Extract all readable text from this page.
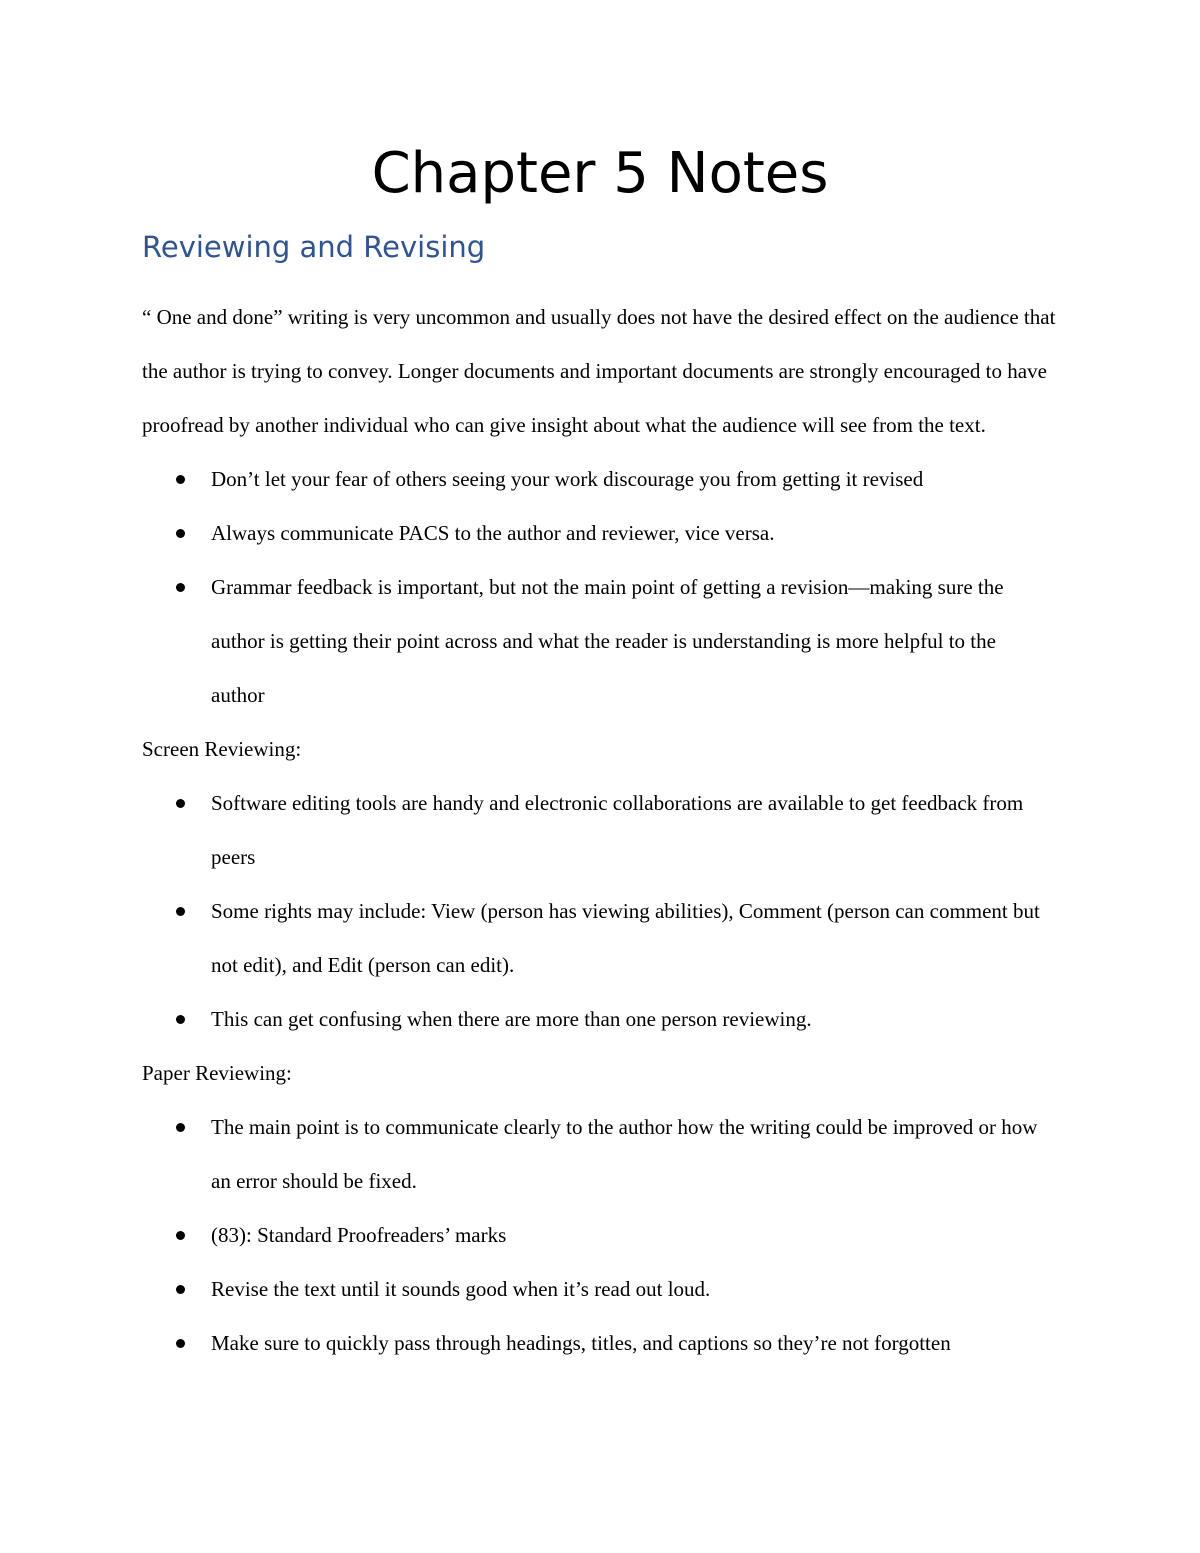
Chapter 5 Notes
Reviewing and Revising

“ One and done” writing is very uncommon and usually does not have the desired effect on the audience that the author is trying to convey. Longer documents and important documents are strongly encouraged to have proofread by another individual who can give insight about what the audience will see from the text.

Don’t let your fear of others seeing your work discourage you from getting it revised
Always communicate PACS to the author and reviewer, vice versa.
Grammar feedback is important, but not the main point of getting a revision—making sure the author is getting their point across and what the reader is understanding is more helpful to the author

Screen Reviewing:

Software editing tools are handy and electronic collaborations are available to get feedback from peers
Some rights may include: View (person has viewing abilities), Comment (person can comment but not edit), and Edit (person can edit).
This can get confusing when there are more than one person reviewing.

Paper Reviewing:

The main point is to communicate clearly to the author how the writing could be improved or how an error should be fixed.
(83): Standard Proofreaders’ marks
Revise the text until it sounds good when it’s read out loud.
Make sure to quickly pass through headings, titles, and captions so they’re not forgotten
